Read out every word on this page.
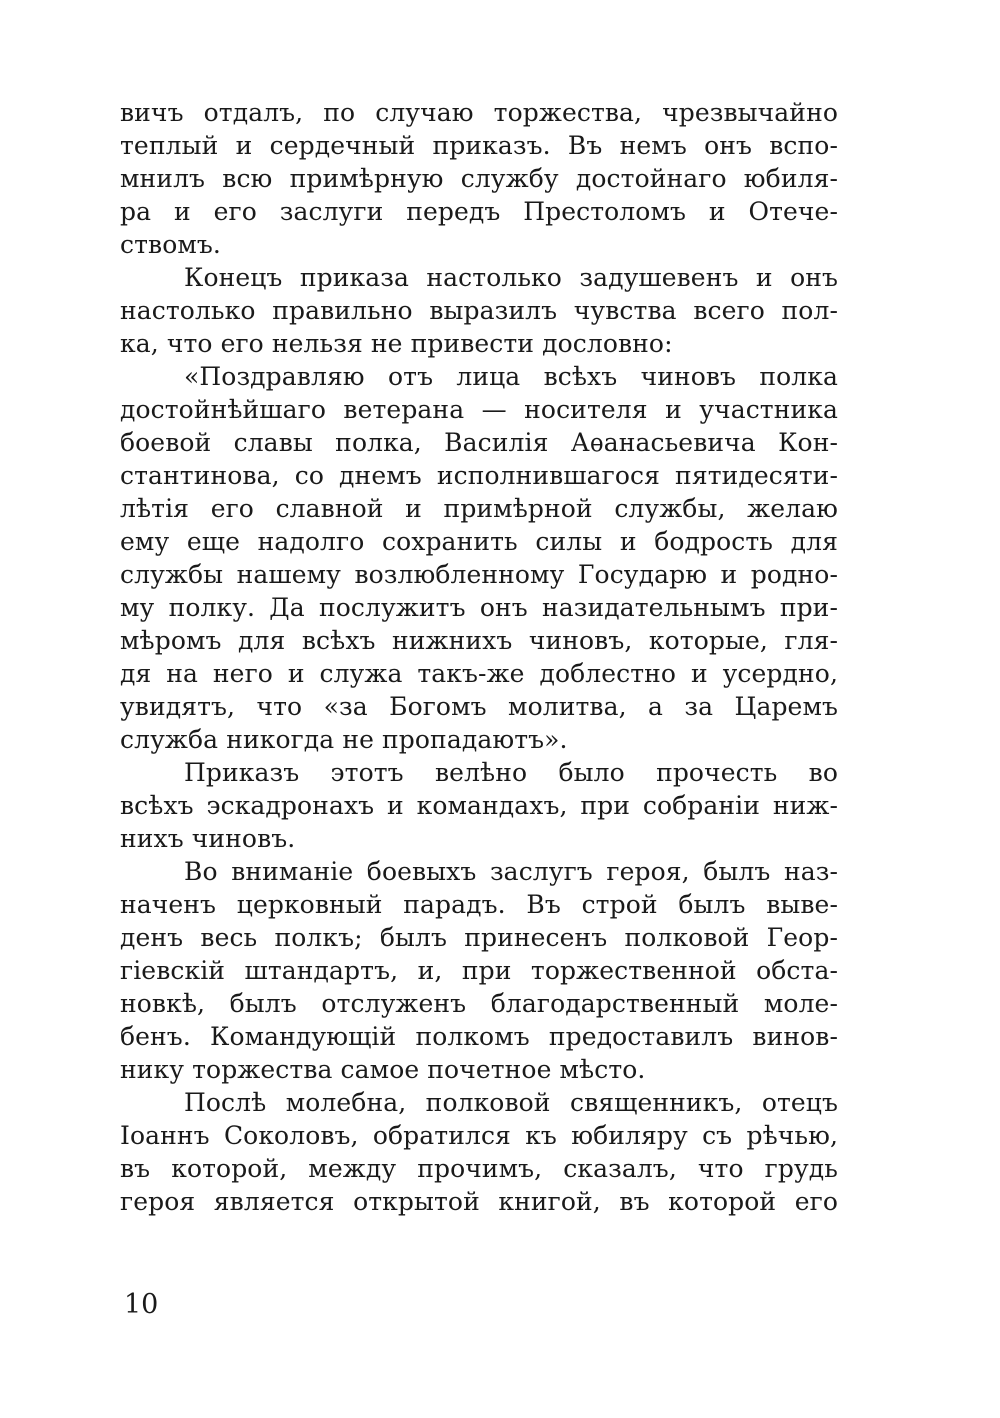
вичъ отдалъ, по случаю торжества, чрезвычайно
теплый и сердечный приказъ. Въ немъ онъ вспо-
мнилъ всю примѣрную службу достойнаго юбиля-
ра и его заслуги передъ Престоломъ и Отече-
ствомъ.
Конецъ приказа настолько задушевенъ и онъ
настолько правильно выразилъ чувства всего пол-
ка, что его нельзя не привести дословно:
«Поздравляю отъ лица всѣхъ чиновъ полка
достойнѣйшаго ветерана — носителя и участника
боевой славы полка, Василія Аѳанасьевича Кон-
стантинова, со днемъ исполнившагося пятидесяти-
лѣтія его славной и примѣрной службы, желаю
ему еще надолго сохранить силы и бодрость для
службы нашему возлюбленному Государю и родно-
му полку. Да послужитъ онъ назидательнымъ при-
мѣромъ для всѣхъ нижнихъ чиновъ, которые, гля-
дя на него и служа такъ-же доблестно и усердно,
увидятъ, что «за Богомъ молитва, а за Царемъ
служба никогда не пропадаютъ».
Приказъ этотъ велѣно было прочесть во
всѣхъ эскадронахъ и командахъ, при собраніи ниж-
нихъ чиновъ.
Во вниманіе боевыхъ заслугъ героя, былъ наз-
наченъ церковный парадъ. Въ строй былъ выве-
денъ весь полкъ; былъ принесенъ полковой Геор-
гіевскій штандартъ, и, при торжественной обста-
новкѣ, былъ отслуженъ благодарственный моле-
бенъ. Командующій полкомъ предоставилъ винов-
нику торжества самое почетное мѣсто.
Послѣ молебна, полковой священникъ, отецъ
Іоаннъ Соколовъ, обратился къ юбиляру съ рѣчью,
въ которой, между прочимъ, сказалъ, что грудь
героя является открытой книгой, въ которой его
10
